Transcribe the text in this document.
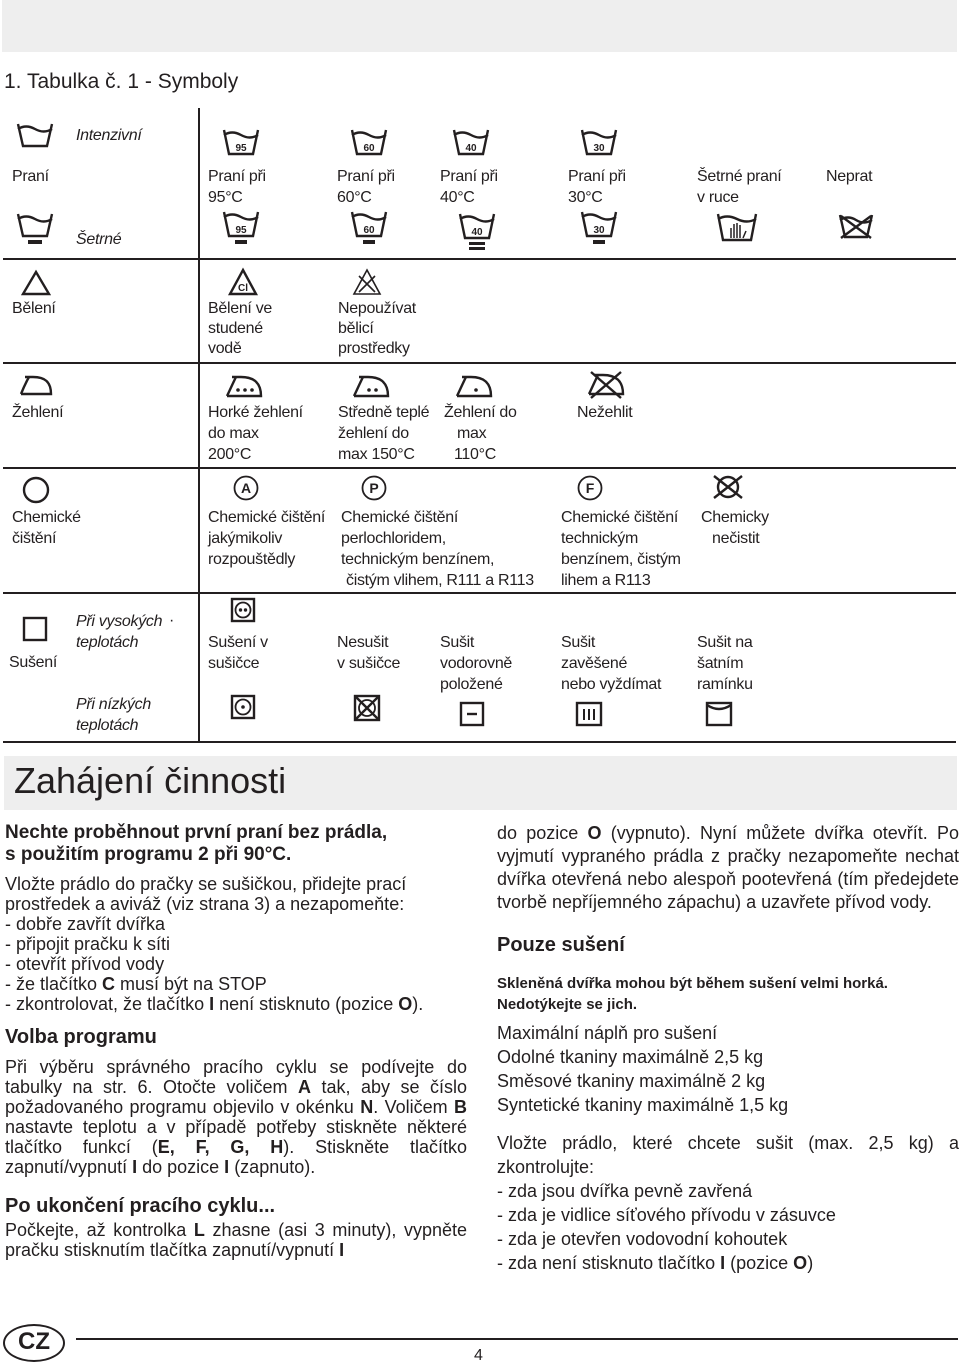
1. Tabulka č. 1 - Symboly
Intenzivní
Praní
Šetrné
95
Praní při
95°C
95
60
Praní při
60°C
60
40
Praní při
40°C
40
30
Praní při
30°C
30
Šetrné praní
v ruce
Neprat
Bělení
Cl
Bělení ve
studené
vodě
Nepoužívat
bělicí
prostředky
Žehlení	Horké žehlení
do max
200°C
Středně teplé
žehlení do
max 150°C
Žehlení do
max
110°C
Nežehlit
Chemické
čištění
A
Chemické čištění
jakýmikoliv
rozpouštědly
P
Chemické čištění
perlochloridem,
technickým benzínem,
čistým vlihem, R111 a R113
F
Chemické čištění
technickým
benzínem, čistým
lihem a R113
Chemicky
nečistit
Sušení
Při vysokých ·
teplotách
Při nízkých
teplotách
Sušení v
sušičce
Nesušit
v sušičce
Sušit
vodorovně
položené
Sušit
zavěšené
nebo vyždímat
Sušit na
šatním
ramínku
Zahájení činnosti
Nechte proběhnout první praní bez prádla,
s použitím programu 2 při 90°C.
Vložte prádlo do pračky se sušičkou, přidejte prací
prostředek a aviváž (viz strana 3) a nezapomeňte:
- dobře zavřít dvířka
- připojit pračku k síti
- otevřít přívod vody
- že tlačítko C musí být na STOP
- zkontrolovat, že tlačítko I není stisknuto (pozice O).
Volba programu
Při výběru správného pracího cyklu se podívejte do tabulky na str. 6. Otočte voličem A tak, aby se číslo požadovaného programu objevilo v okénku N. Voličem B nastavte teplotu a v případě potřeby stiskněte některé tlačítko funkcí (E, F, G, H). Stiskněte tlačítko zapnutí/vypnutí I do pozice I (zapnuto).
Po ukončení pracího cyklu...
Počkejte, až kontrolka L zhasne (asi 3 minuty), vypněte pračku stisknutím tlačítka zapnutí/vypnutí I
do pozice O (vypnuto). Nyní můžete dvířka otevřít. Po vyjmutí vypraného prádla z pračky nezapomeňte nechat dvířka otevřená nebo alespoň pootevřená (tím předejdete tvorbě nepříjemného zápachu) a uzavřete přívod vody.
Pouze sušení
Skleněná dvířka mohou být během sušení velmi horká.
Nedotýkejte se jich.
Maximální náplň pro sušení
Odolné tkaniny maximálně 2,5 kg
Směsové tkaniny maximálně 2 kg
Syntetické tkaniny maximálně 1,5 kg
Vložte prádlo, které chcete sušit (max. 2,5 kg) a zkontrolujte:
- zda jsou dvířka pevně zavřená
- zda je vidlice síťového přívodu v zásuvce
- zda je otevřen vodovodní kohoutek
- zda není stisknuto tlačítko I (pozice O)
CZ
4
